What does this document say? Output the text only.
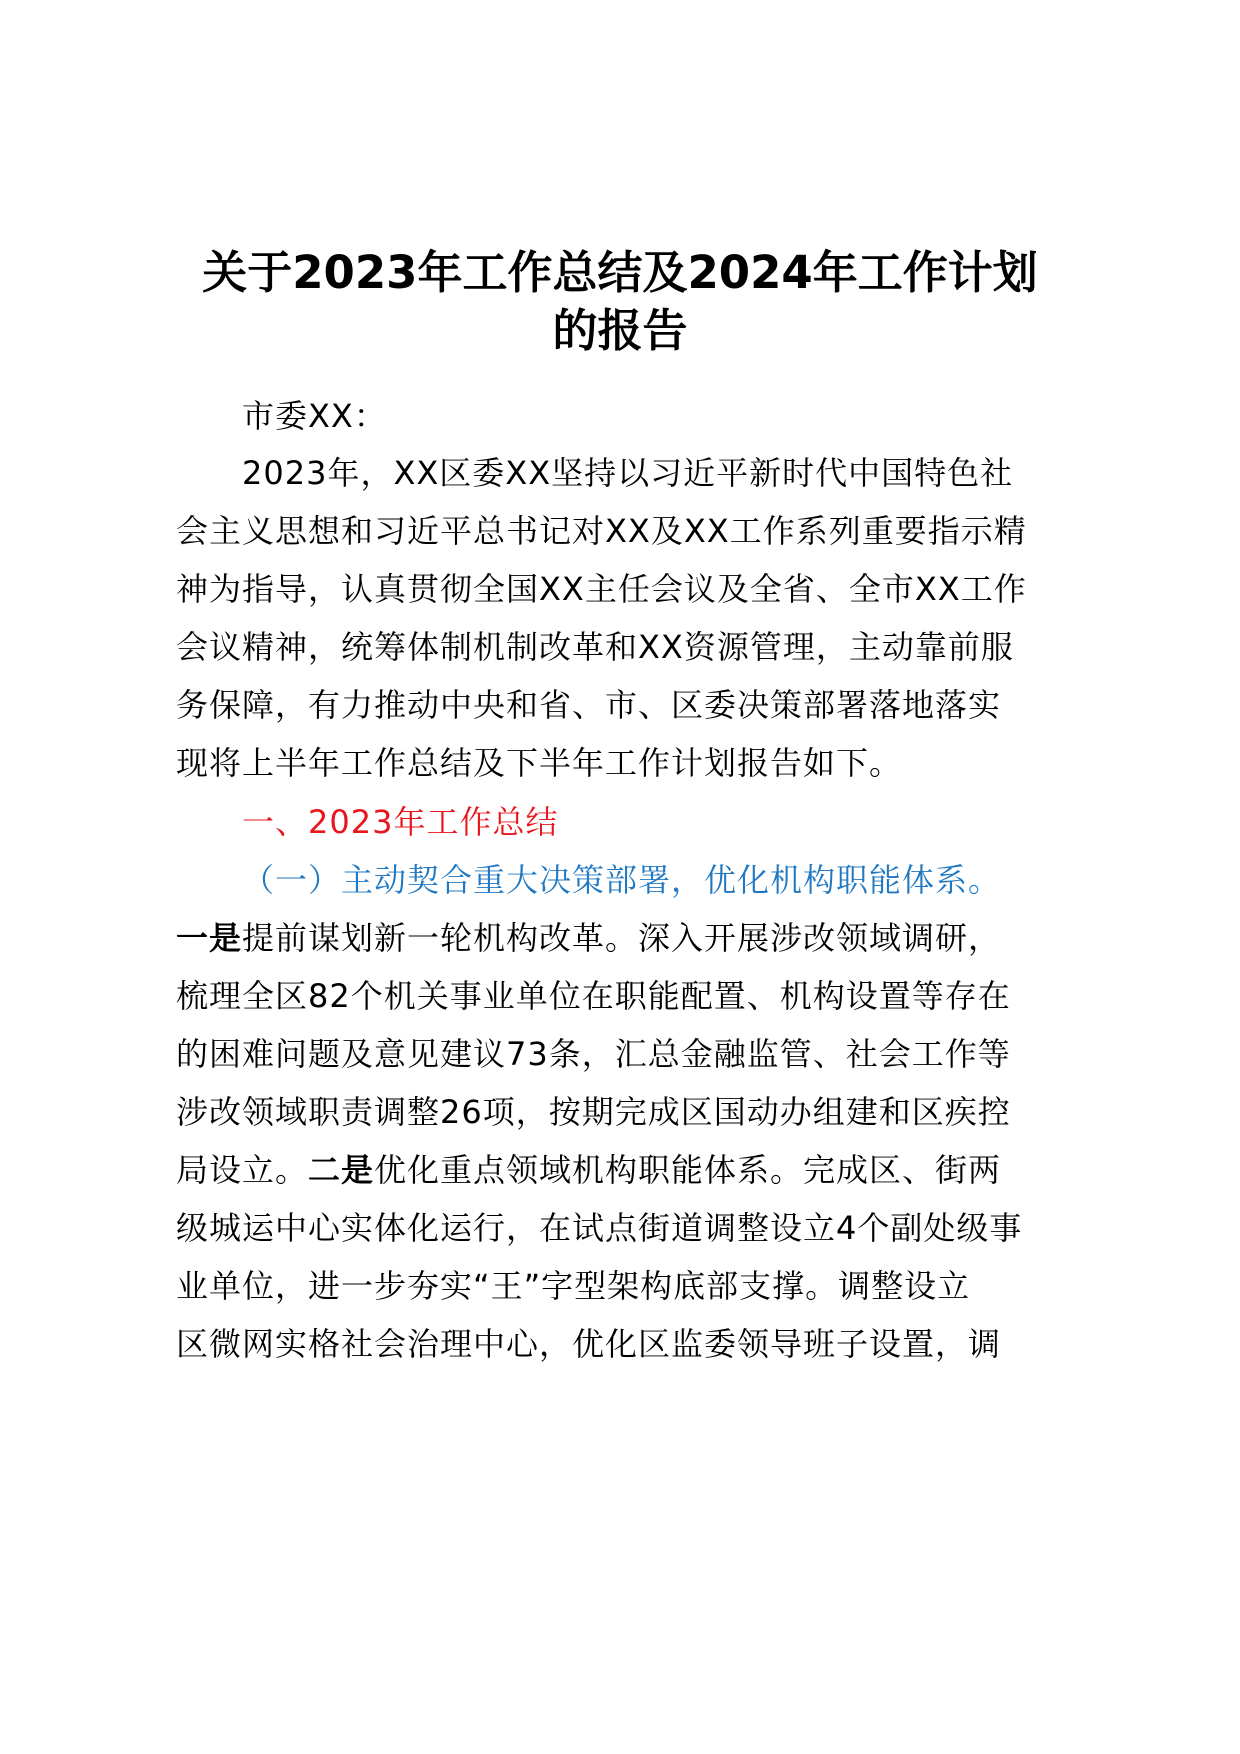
关于2023年工作总结及2024年工作计划
的报告
市委XX：
2023年，XX区委XX坚持以习近平新时代中国特色社
会主义思想和习近平总书记对XX及XX工作系列重要指示精
神为指导，认真贯彻全国XX主任会议及全省、全市XX工作
会议精神，统筹体制机制改革和XX资源管理，主动靠前服
务保障，有力推动中央和省、市、区委决策部署落地落实
现将上半年工作总结及下半年工作计划报告如下。
一、2023年工作总结
（一）主动契合重大决策部署，优化机构职能体系。
一是提前谋划新一轮机构改革。深入开展涉改领域调研，
梳理全区82个机关事业单位在职能配置、机构设置等存在
的困难问题及意见建议73条，汇总金融监管、社会工作等
涉改领域职责调整26项，按期完成区国动办组建和区疾控
局设立。二是优化重点领域机构职能体系。完成区、街两
级城运中心实体化运行，在试点街道调整设立4个副处级事
业单位，进一步夯实“王”字型架构底部支撑。调整设立
区微网实格社会治理中心，优化区监委领导班子设置，调
